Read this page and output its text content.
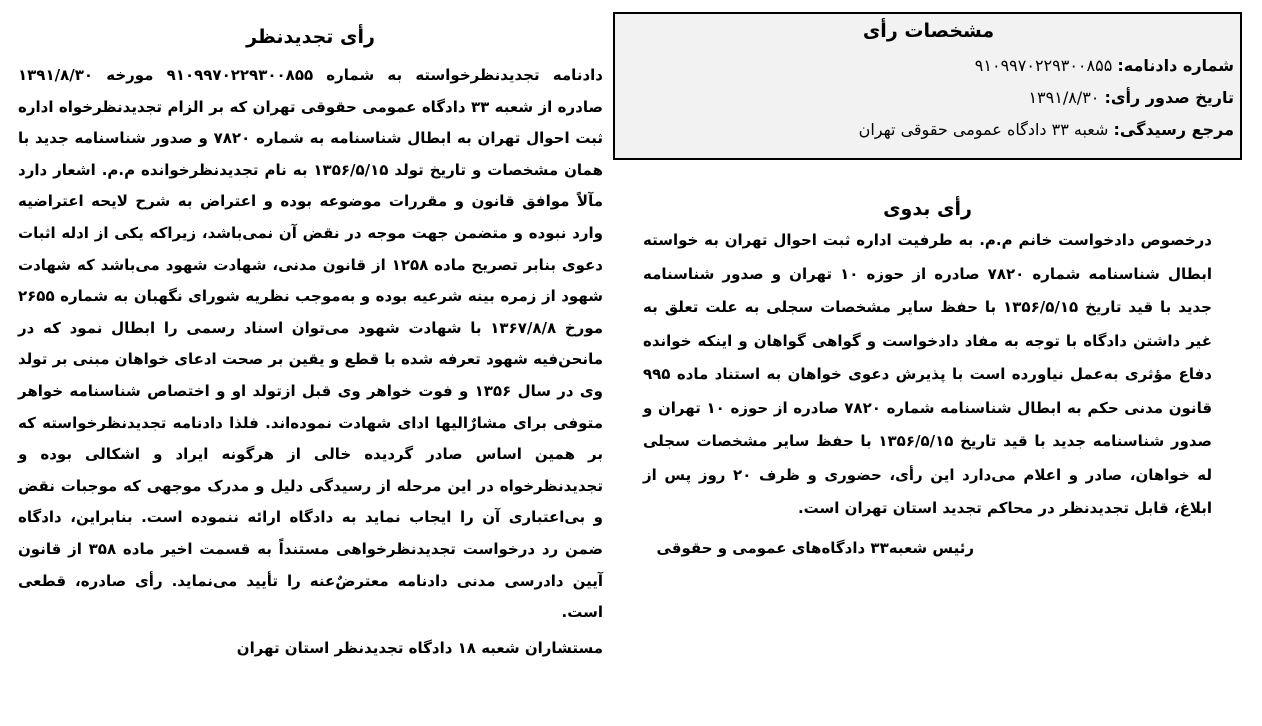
رأی تجدیدنظر

دادنامه تجدیدنظرخواسته به شماره ۹۱۰۹۹۷۰۲۲۹۳۰۰۸۵۵ مورخه ۱۳۹۱/۸/۳۰ صادره از شعبه ۳۳ دادگاه عمومی حقوقی تهران که بر الزام تجدیدنظرخواه اداره ثبت احوال تهران به ابطال شناسنامه به شماره ۷۸۲۰ و صدور شناسنامه جدید با همان مشخصات و تاریخ تولد ۱۳۵۶/۵/۱۵ به نام تجدیدنظرخوانده م.م. اشعار دارد مآلاً موافق قانون و مقررات موضوعه بوده و اعتراض به شرح لایحه اعتراضیه وارد نبوده و متضمن جهت موجه در نقض آن نمی‌باشد، زیراکه یکی از ادله اثبات دعوی بنابر تصریح ماده ۱۲۵۸ از قانون مدنی، شهادت شهود می‌باشد که شهادت شهود از زمره بینه شرعیه بوده و به‌موجب نظریه شورای نگهبان به شماره ۲۶۵۵ مورخ ۱۳۶۷/۸/۸ با شهادت شهود می‌توان اسناد رسمی را ابطال نمود که در مانحن‌فیه شهود تعرفه شده با قطع و یقین بر صحت ادعای خواهان مبنی بر تولد وی در سال ۱۳۵۶ و فوت خواهر وی قبل ازتولد او و اختصاص شناسنامه خواهر متوفی برای مشارٌالیها ادای شهادت نموده‌اند. فلذا دادنامه تجدیدنظرخواسته که بر همین اساس صادر گردیده خالی از هرگونه ایراد و اشکالی بوده و تجدیدنظرخواه در این مرحله از رسیدگی دلیل و مدرک موجهی که موجبات نقض و بی‌اعتباری آن را ایجاب نماید به دادگاه ارائه ننموده است. بنابراین، دادگاه ضمن رد درخواست تجدیدنظرخواهی مستنداً به قسمت اخیر ماده ۳۵۸ از قانون آیین دادرسی مدنی دادنامه معترضٌ‌عنه را تأیید می‌نماید. رأی صادره، قطعی است.

مستشاران شعبه ۱۸ دادگاه تجدیدنظر استان تهران
مشخصات رأی
شماره دادنامه: ۹۱۰۹۹۷۰۲۲۹۳۰۰۸۵۵
تاریخ صدور رأی: ۱۳۹۱/۸/۳۰
مرجع رسیدگی: شعبه ۳۳ دادگاه عمومی حقوقی تهران
رأی بدوی

درخصوص دادخواست خانم م.م. به طرفیت اداره ثبت احوال تهران به خواسته ابطال شناسنامه شماره ۷۸۲۰ صادره از حوزه ۱۰ تهران و صدور شناسنامه جدید با قید تاریخ ۱۳۵۶/۵/۱۵ با حفظ سایر مشخصات سجلی به علت تعلق به غیر داشتن دادگاه با توجه به مفاد دادخواست و گواهی گواهان و اینکه خوانده دفاع مؤثری به‌عمل نیاورده است با پذیرش دعوی خواهان به استناد ماده ۹۹۵ قانون مدنی حکم به ابطال شناسنامه شماره ۷۸۲۰ صادره از حوزه ۱۰ تهران و صدور شناسنامه جدید با قید تاریخ ۱۳۵۶/۵/۱۵ با حفظ سایر مشخصات سجلی له خواهان، صادر و اعلام می‌دارد این رأی، حضوری و ظرف ۲۰ روز پس از ابلاغ، قابل تجدیدنظر در محاکم تجدید استان تهران است.

رئیس شعبه۳۳ دادگاه‌های عمومی و حقوقی
